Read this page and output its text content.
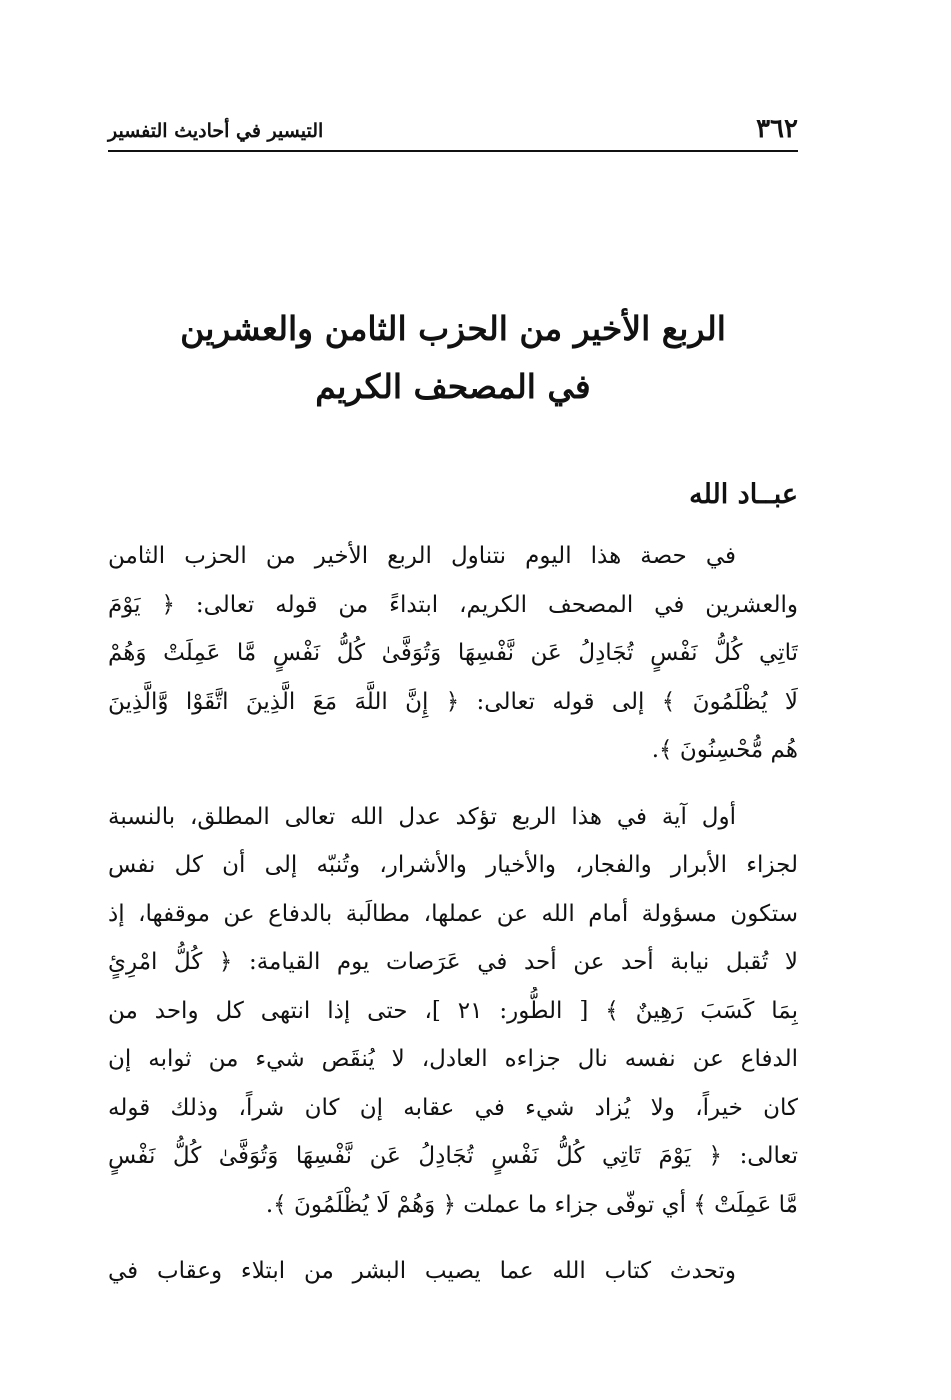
٣٦٢
التيسير في أحاديث التفسير
الربع الأخير من الحزب الثامن والعشرين
في المصحف الكريم
عبــاد الله

في حصة هذا اليوم نتناول الربع الأخير من الحزب الثامن
والعشرين في المصحف الكريم، ابتداءً من قوله تعالى: ﴿ يَوْمَ
تَاتِي كُلُّ نَفْسٍ تُجَادِلُ عَن نَّفْسِهَا وَتُوَفَّىٰ كُلُّ نَفْسٍ مَّا عَمِلَتْ وَهُمْ
لَا يُظْلَمُونَ ﴾ إلى قوله تعالى: ﴿ إِنَّ اللَّهَ مَعَ الَّذِينَ اتَّقَوْا وَّالَّذِينَ
هُم مُّحْسِنُونَ ﴾.

أول آية في هذا الربع تؤكد عدل الله تعالى المطلق، بالنسبة
لجزاء الأبرار والفجار، والأخيار والأشرار، وتُنبّه إلى أن كل نفس
ستكون مسؤولة أمام الله عن عملها، مطالَبة بالدفاع عن موقفها، إذ
لا تُقبل نيابة أحد عن أحد في عَرَصات يوم القيامة: ﴿ كُلُّ امْرِئٍ
بِمَا كَسَبَ رَهِينٌ ﴾ [ الطُّور: ٢١ ]، حتى إذا انتهى كل واحد من
الدفاع عن نفسه نال جزاءه العادل، لا يُنقَص شيء من ثوابه إن
كان خيراً، ولا يُزاد شيء في عقابه إن كان شراً، وذلك قوله
تعالى: ﴿ يَوْمَ تَاتِي كُلُّ نَفْسٍ تُجَادِلُ عَن نَّفْسِهَا وَتُوَفَّىٰ كُلُّ نَفْسٍ
مَّا عَمِلَتْ ﴾ أي توفّى جزاء ما عملت ﴿ وَهُمْ لَا يُظْلَمُونَ ﴾.

وتحدث كتاب الله عما يصيب البشر من ابتلاء وعقاب في
